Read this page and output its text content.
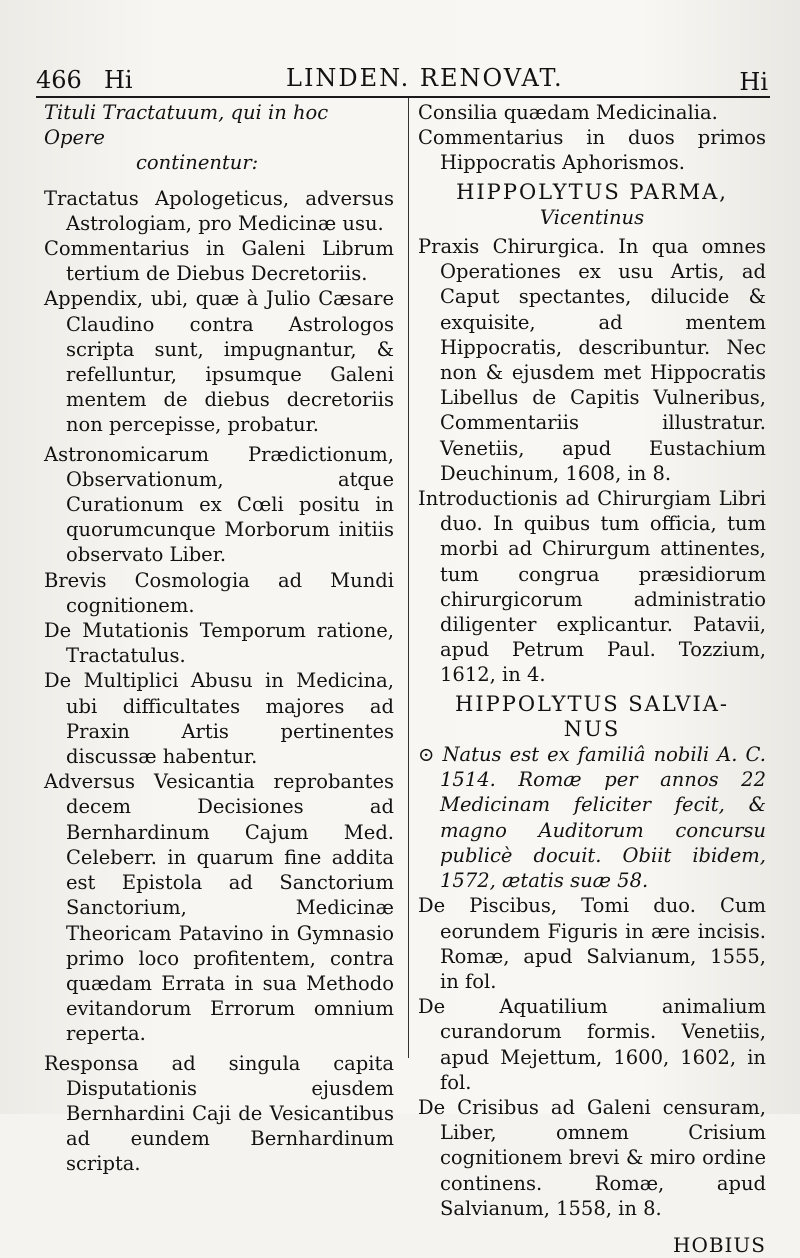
466 Hi	LINDEN. RENOVAT.	Hi
Tituli Tractatuum, qui in hoc Opere
continentur:

Tractatus Apologeticus, adversus Astrologiam, pro Medicinæ usu.

Commentarius in Galeni Librum tertium de Diebus Decretoriis.

Appendix, ubi, quæ à Julio Cæsare Claudino contra Astrologos scripta sunt, impugnantur, & refelluntur, ipsumque Galeni mentem de diebus decretoriis non percepisse, probatur.

Astronomicarum Prædictionum, Observationum, atque Curationum ex Cœli positu in quorumcunque Morborum initiis observato Liber.

Brevis Cosmologia ad Mundi cognitionem.

De Mutationis Temporum ratione, Tractatulus.

De Multiplici Abusu in Medicina, ubi difficultates majores ad Praxin Artis pertinentes discussæ habentur.

Adversus Vesicantia reprobantes decem Decisiones ad Bernhardinum Cajum Med. Celeberr. in quarum fine addita est Epistola ad Sanctorium Sanctorium, Medicinæ Theoricam Patavino in Gymnasio primo loco profitentem, contra quædam Errata in sua Methodo evitandorum Errorum omnium reperta.

Responsa ad singula capita Disputationis ejusdem Bernhardini Caji de Vesicantibus ad eundem Bernhardinum scripta.

Consilia quædam Medicinalia.

Commentarius in duos primos Hippocratis Aphorismos.

HIPPOLYTUS PARMA,
Vicentinus

Praxis Chirurgica. In qua omnes Operationes ex usu Artis, ad Caput spectantes, dilucide & exquisite, ad mentem Hippocratis, describuntur. Nec non & ejusdem met Hippocratis Libellus de Capitis Vulneribus, Commentariis illustratur. Venetiis, apud Eustachium Deuchinum, 1608, in 8.

Introductionis ad Chirurgiam Libri duo. In quibus tum officia, tum morbi ad Chirurgum attinentes, tum congrua præsidiorum chirurgicorum administratio diligenter explicantur. Patavii, apud Petrum Paul. Tozzium, 1612, in 4.

HIPPOLYTUS SALVIA-
NUS

⊙ Natus est ex familiâ nobili A. C. 1514. Romæ per annos 22 Medicinam feliciter fecit, & magno Auditorum concursu publicè docuit. Obiit ibidem, 1572, ætatis suæ 58.

De Piscibus, Tomi duo. Cum eorundem Figuris in ære incisis. Romæ, apud Salvianum, 1555, in fol.

De Aquatilium animalium curandorum formis. Venetiis, apud Mejettum, 1600, 1602, in fol.

De Crisibus ad Galeni censuram, Liber, omnem Crisium cognitionem brevi & miro ordine continens. Romæ, apud Salvianum, 1558, in 8.

HOBIUS
